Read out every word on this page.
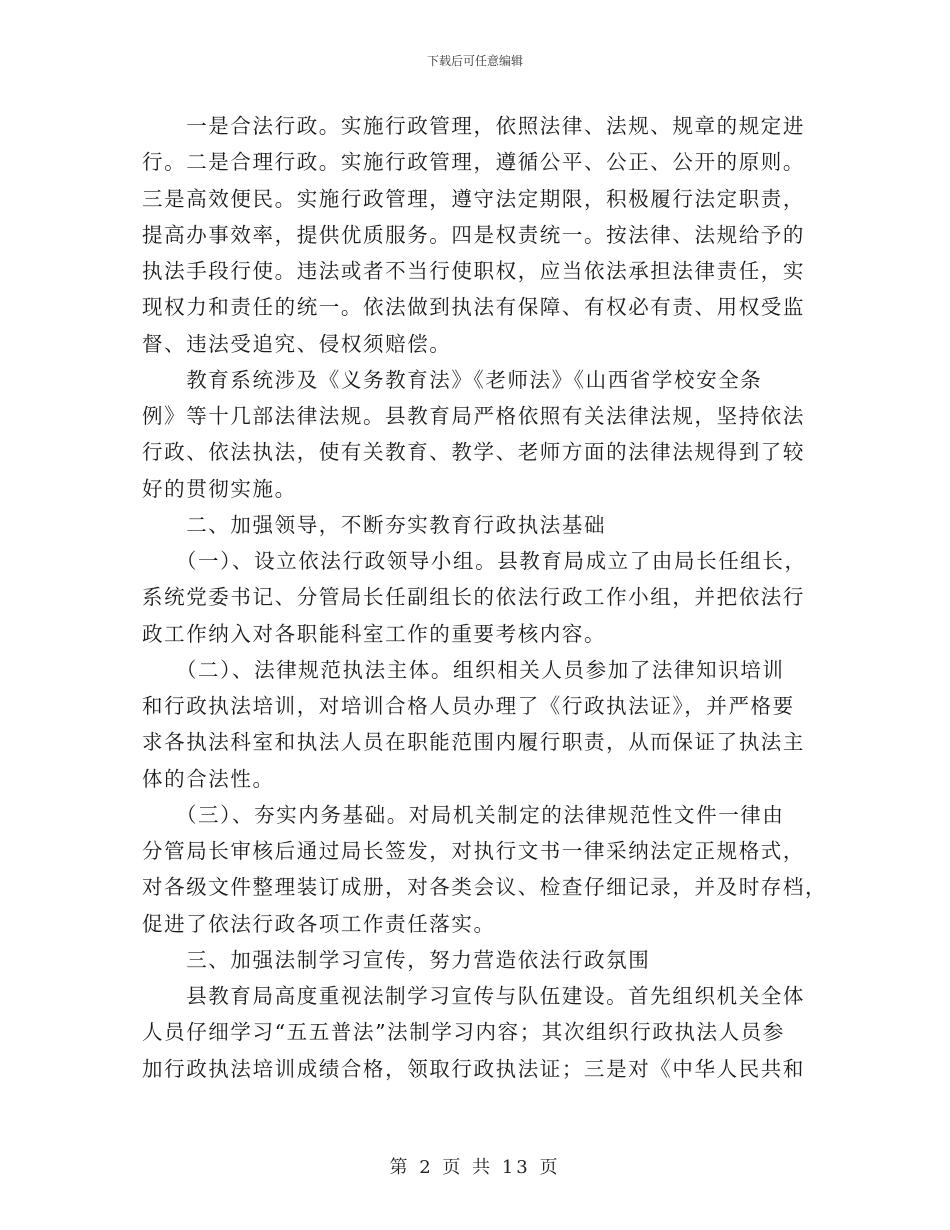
下载后可任意编辑
　　一是合法行政。实施行政管理，依照法律、法规、规章的规定进
行。二是合理行政。实施行政管理，遵循公平、公正、公开的原则。
三是高效便民。实施行政管理，遵守法定期限，积极履行法定职责，
提高办事效率，提供优质服务。四是权责统一。按法律、法规给予的
执法手段行使。违法或者不当行使职权，应当依法承担法律责任，实
现权力和责任的统一。依法做到执法有保障、有权必有责、用权受监
督、违法受追究、侵权须赔偿。
　　教育系统涉及《义务教育法》《老师法》《山西省学校安全条
例》等十几部法律法规。县教育局严格依照有关法律法规，坚持依法
行政、依法执法，使有关教育、教学、老师方面的法律法规得到了较
好的贯彻实施。
　　二、加强领导，不断夯实教育行政执法基础
　　（一）、设立依法行政领导小组。县教育局成立了由局长任组长，
系统党委书记、分管局长任副组长的依法行政工作小组，并把依法行
政工作纳入对各职能科室工作的重要考核内容。
　　（二）、法律规范执法主体。组织相关人员参加了法律知识培训
和行政执法培训，对培训合格人员办理了《行政执法证》，并严格要
求各执法科室和执法人员在职能范围内履行职责，从而保证了执法主
体的合法性。
　　（三）、夯实内务基础。对局机关制定的法律规范性文件一律由
分管局长审核后通过局长签发，对执行文书一律采纳法定正规格式，
对各级文件整理装订成册，对各类会议、检查仔细记录，并及时存档，
促进了依法行政各项工作责任落实。
　　三、加强法制学习宣传，努力营造依法行政氛围
　　县教育局高度重视法制学习宣传与队伍建设。首先组织机关全体
人员仔细学习“五五普法”法制学习内容；其次组织行政执法人员参
加行政执法培训成绩合格，领取行政执法证；三是对《中华人民共和
第 2 页 共 13 页
